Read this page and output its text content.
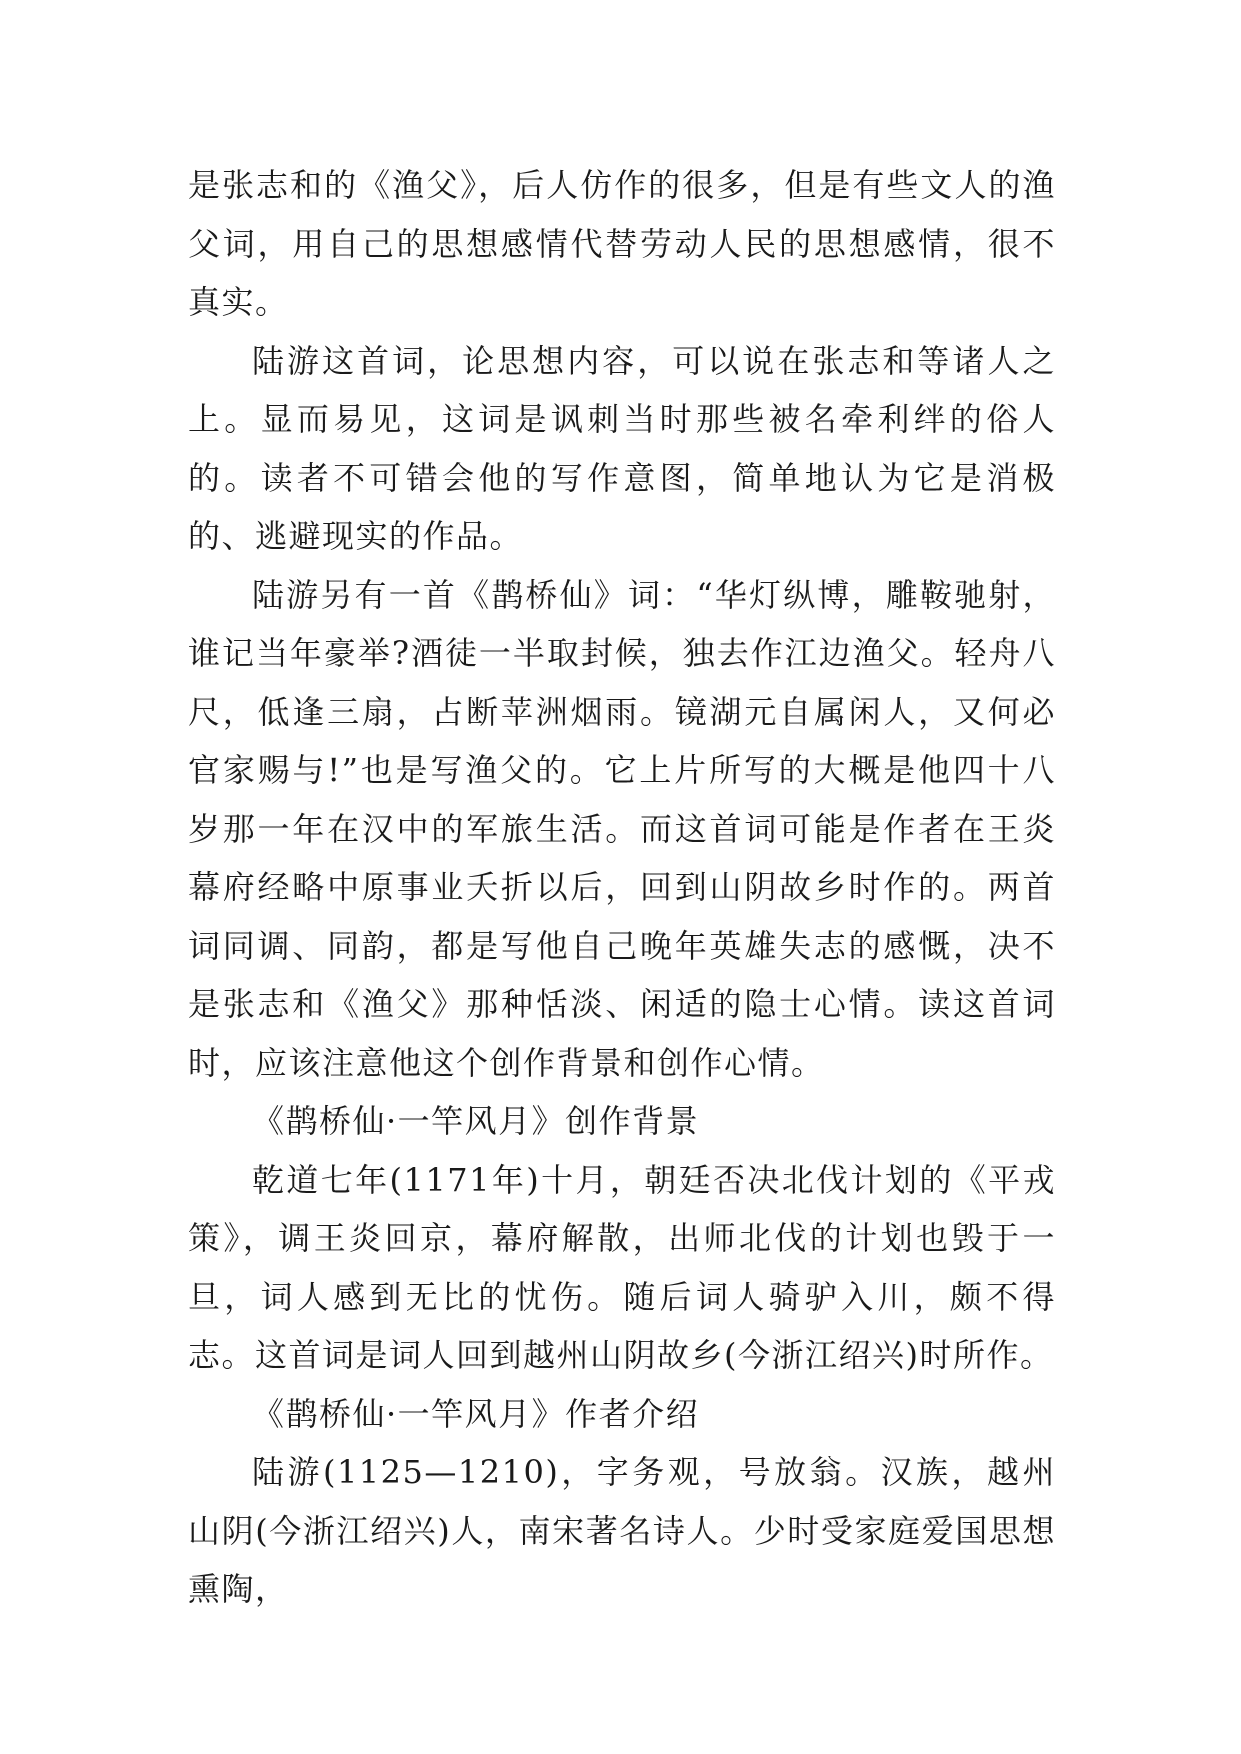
是张志和的《渔父》，后人仿作的很多，但是有些文人的渔父词，用自己的思想感情代替劳动人民的思想感情，很不真实。

陆游这首词，论思想内容，可以说在张志和等诸人之上。显而易见，这词是讽刺当时那些被名牵利绊的俗人的。读者不可错会他的写作意图，简单地认为它是消极的、逃避现实的作品。

陆游另有一首《鹊桥仙》词：“华灯纵博，雕鞍驰射，谁记当年豪举?酒徒一半取封候，独去作江边渔父。轻舟八尺，低逢三扇，占断苹洲烟雨。镜湖元自属闲人，又何必官家赐与!”也是写渔父的。它上片所写的大概是他四十八岁那一年在汉中的军旅生活。而这首词可能是作者在王炎幕府经略中原事业夭折以后，回到山阴故乡时作的。两首词同调、同韵，都是写他自己晚年英雄失志的感慨，决不是张志和《渔父》那种恬淡、闲适的隐士心情。读这首词时，应该注意他这个创作背景和创作心情。

《鹊桥仙·一竿风月》创作背景

乾道七年(1171年)十月，朝廷否决北伐计划的《平戎策》，调王炎回京，幕府解散，出师北伐的计划也毁于一旦，词人感到无比的忧伤。随后词人骑驴入川，颇不得志。这首词是词人回到越州山阴故乡(今浙江绍兴)时所作。

《鹊桥仙·一竿风月》作者介绍

陆游(1125—1210)，字务观，号放翁。汉族，越州山阴(今浙江绍兴)人，南宋著名诗人。少时受家庭爱国思想熏陶，
